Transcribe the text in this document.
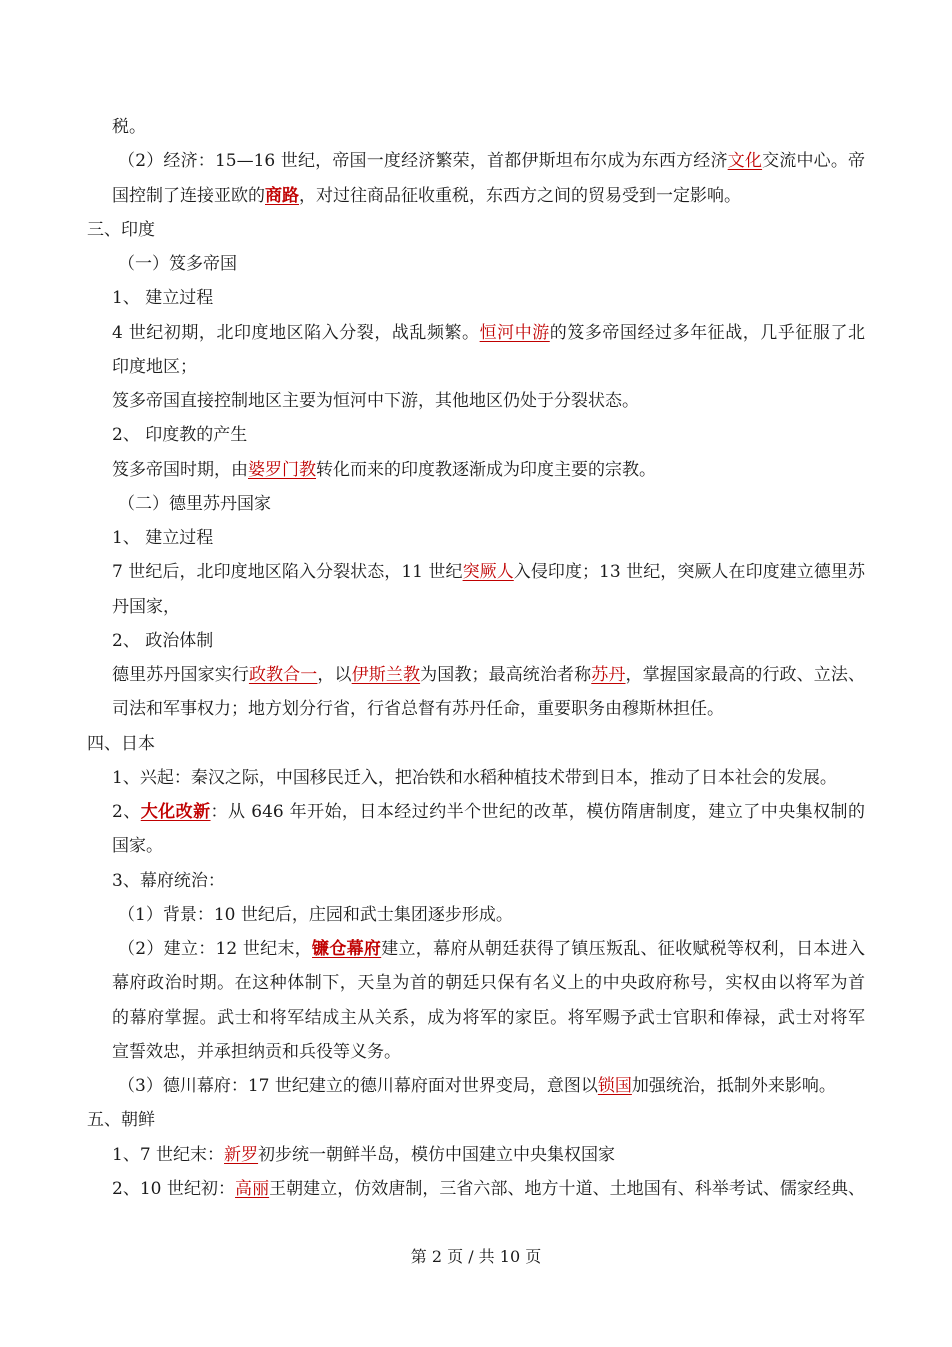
税。
（2）经济：15—16 世纪，帝国一度经济繁荣，首都伊斯坦布尔成为东西方经济文化交流中心。帝
国控制了连接亚欧的商路，对过往商品征收重税，东西方之间的贸易受到一定影响。
三、印度
（一）笈多帝国
1、 建立过程
4 世纪初期，北印度地区陷入分裂，战乱频繁。恒河中游的笈多帝国经过多年征战，几乎征服了北
印度地区；
笈多帝国直接控制地区主要为恒河中下游，其他地区仍处于分裂状态。
2、 印度教的产生
笈多帝国时期，由婆罗门教转化而来的印度教逐渐成为印度主要的宗教。
（二）德里苏丹国家
1、 建立过程
7 世纪后，北印度地区陷入分裂状态，11 世纪突厥人入侵印度；13 世纪，突厥人在印度建立德里苏
丹国家，
2、 政治体制
德里苏丹国家实行政教合一，以伊斯兰教为国教；最高统治者称苏丹，掌握国家最高的行政、立法、
司法和军事权力；地方划分行省，行省总督有苏丹任命，重要职务由穆斯林担任。
四、日本
1、兴起：秦汉之际，中国移民迁入，把冶铁和水稻种植技术带到日本，推动了日本社会的发展。
2、大化改新：从 646 年开始，日本经过约半个世纪的改革，模仿隋唐制度，建立了中央集权制的
国家。
3、幕府统治：
（1）背景：10 世纪后，庄园和武士集团逐步形成。
（2）建立：12 世纪末，镰仓幕府建立，幕府从朝廷获得了镇压叛乱、征收赋税等权利，日本进入
幕府政治时期。在这种体制下，天皇为首的朝廷只保有名义上的中央政府称号，实权由以将军为首
的幕府掌握。武士和将军结成主从关系，成为将军的家臣。将军赐予武士官职和俸禄，武士对将军
宣誓效忠，并承担纳贡和兵役等义务。
（3）德川幕府：17 世纪建立的德川幕府面对世界变局，意图以锁国加强统治，抵制外来影响。
五、朝鲜
1、7 世纪末：新罗初步统一朝鲜半岛，模仿中国建立中央集权国家
2、10 世纪初：高丽王朝建立，仿效唐制，三省六部、地方十道、土地国有、科举考试、儒家经典、
第 2 页 / 共 10 页
